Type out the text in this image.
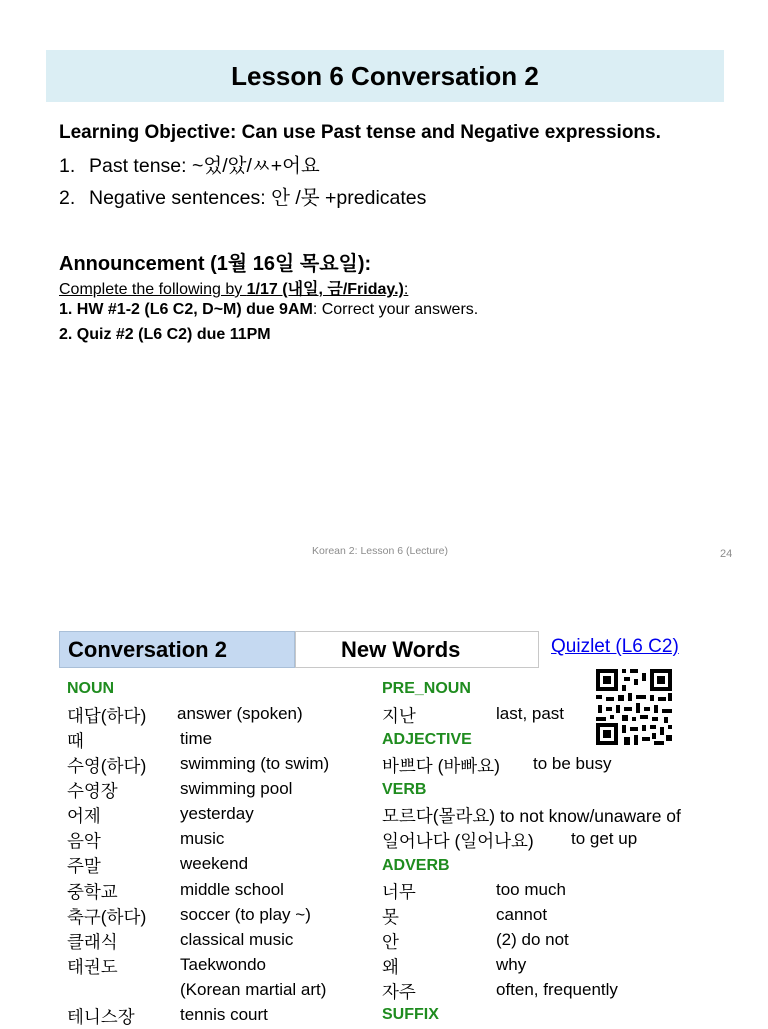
Lesson 6 Conversation 2
Learning Objective: Can use Past tense and Negative expressions.
1. Past tense: ~었/았/ㅆ+어요
2. Negative sentences: 안 /못 +predicates
Announcement (1월 16일 목요일):
Complete the following by 1/17 (내일, 금/Friday.):
1. HW #1-2 (L6 C2, D~M) due 9AM: Correct your answers.
2. Quiz #2 (L6 C2) due 11PM
Korean 2: Lesson 6 (Lecture)	24
Conversation 2	New Words	Quizlet (L6 C2)
NOUN
대답(하다) answer (spoken)
때	time
수영(하다) swimming (to swim)
수영장	swimming pool
어제	yesterday
음악	music
주말	weekend
중학교	middle school
축구(하다) soccer (to play ~)
클래식	classical music
태권도	Taekwondo
(Korean martial art)
테니스장	tennis court
PRE_NOUN
지난	last, past
ADJECTIVE
바쁘다 (바빠요) to be busy
VERB
모르다(몰라요) to not know/unaware of
일어나다 (일어나요) to get up
ADVERB
너무	too much
못	cannot
안	(2) do not
왜	why
자주	often, frequently
SUFFIX
